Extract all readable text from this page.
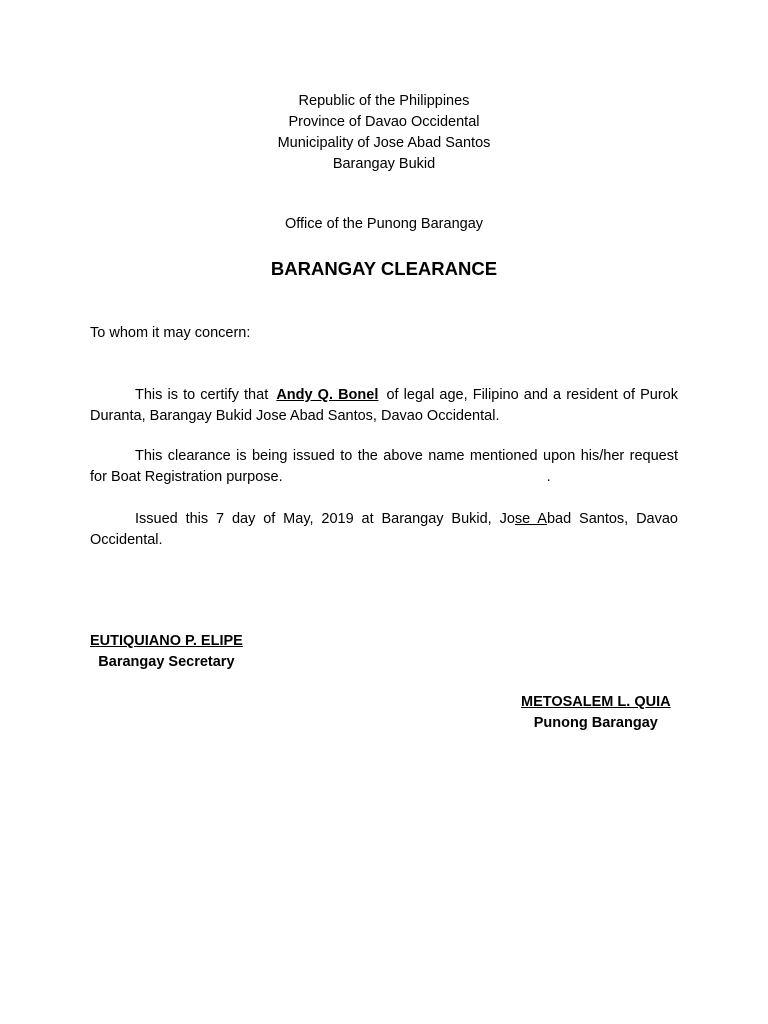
Republic of the Philippines
Province of Davao Occidental
Municipality of Jose Abad Santos
Barangay Bukid
Office of the Punong Barangay
BARANGAY CLEARANCE
To whom it may concern:
This is to certify that Andy Q. Bonel of legal age, Filipino and a resident of Purok Duranta, Barangay Bukid Jose Abad Santos, Davao Occidental.
This clearance is being issued to the above name mentioned upon his/her request for Boat Registration purpose.	.
Issued this 7 day of May, 2019 at Barangay Bukid, Jose Abad Santos, Davao Occidental.
EUTIQUIANO P. ELIPE
Barangay Secretary
METOSALEM L. QUIA
Punong Barangay
